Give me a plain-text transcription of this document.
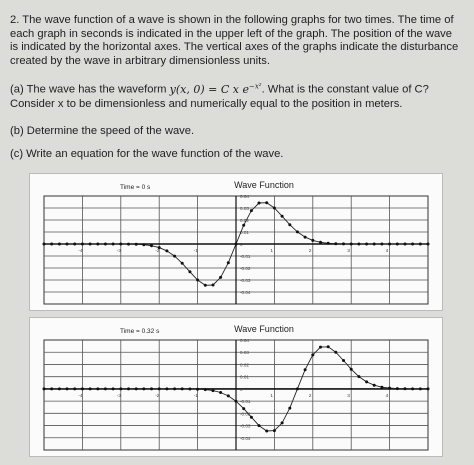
2. The wave function of a wave is shown in the following graphs for two times. The time of each graph in seconds is indicated in the upper left of the graph. The position of the wave is indicated by the horizontal axes. The vertical axes of the graphs indicate the disturbance created by the wave in arbitrary dimensionless units.

(a) The wave has the waveform y(x, 0) = C x $e^{-x^2}$. What is the constant value of C? Consider x to be dimensionless and numerically equal to the position in meters.

(b) Determine the speed of the wave.

(c) Write an equation for the wave function of the wave.

Time = 0 s	Wave Function
0.04
0.03
0.02
0.01
0
-0.01
-0.02
-0.03
-0.04
-4	-3	-2	-1	1	2	3	4
Time = 0.32 s	Wave Function
0.04
0.03
0.02
0.01
0
-0.01
-0.02
-0.03
-0.04
-4	-3	-2	-1	1	2	3	4
